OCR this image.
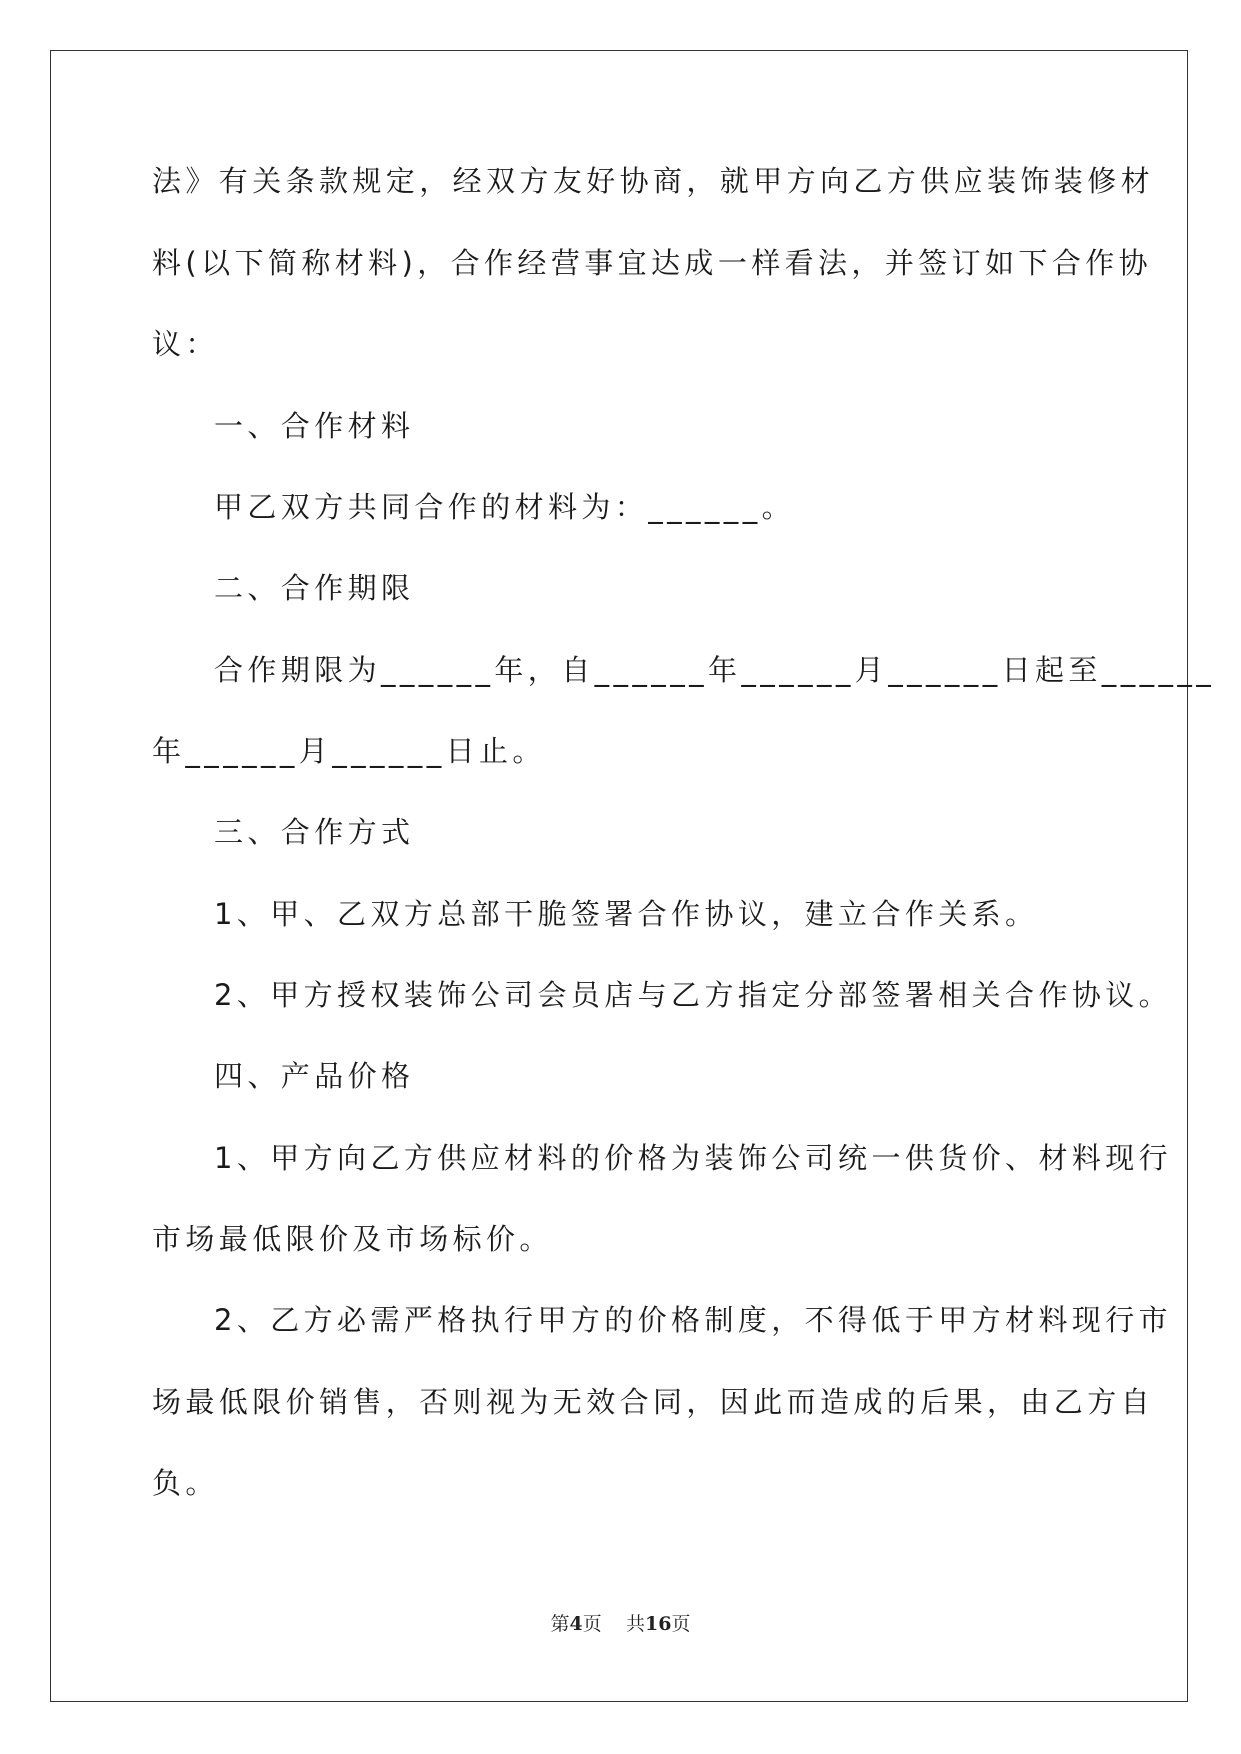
法》有关条款规定，经双方友好协商，就甲方向乙方供应装饰装修材
料(以下简称材料)，合作经营事宜达成一样看法，并签订如下合作协
议：
一、合作材料
甲乙双方共同合作的材料为：______。
二、合作期限
合作期限为______年，自______年______月______日起至______
年______月______日止。
三、合作方式
1、甲、乙双方总部干脆签署合作协议，建立合作关系。
2、甲方授权装饰公司会员店与乙方指定分部签署相关合作协议。
四、产品价格
1、甲方向乙方供应材料的价格为装饰公司统一供货价、材料现行
市场最低限价及市场标价。
2、乙方必需严格执行甲方的价格制度，不得低于甲方材料现行市
场最低限价销售，否则视为无效合同，因此而造成的后果，由乙方自
负。
第4页 共16页
